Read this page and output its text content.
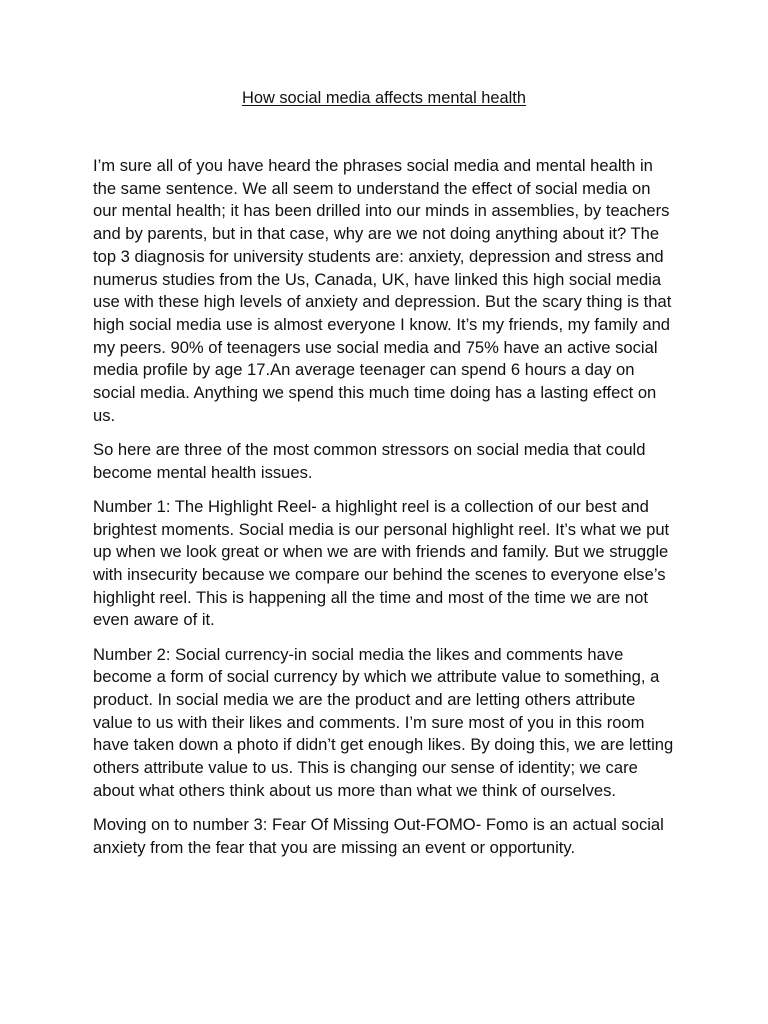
How social media affects mental health

I’m sure all of you have heard the phrases social media and mental health in the same sentence. We all seem to understand the effect of social media on our mental health; it has been drilled into our minds in assemblies, by teachers and by parents, but in that case, why are we not doing anything about it? The top 3 diagnosis for university students are: anxiety, depression and stress and numerus studies from the Us, Canada, UK, have linked this high social media use with these high levels of anxiety and depression. But the scary thing is that high social media use is almost everyone I know. It’s my friends, my family and my peers. 90% of teenagers use social media and 75% have an active social media profile by age 17.An average teenager can spend 6 hours a day on social media. Anything we spend this much time doing has a lasting effect on us.

So here are three of the most common stressors on social media that could become mental health issues.

Number 1: The Highlight Reel- a highlight reel is a collection of our best and brightest moments. Social media is our personal highlight reel. It’s what we put up when we look great or when we are with friends and family. But we struggle with insecurity because we compare our behind the scenes to everyone else’s highlight reel. This is happening all the time and most of the time we are not even aware of it.

Number 2: Social currency-in social media the likes and comments have become a form of social currency by which we attribute value to something, a product. In social media we are the product and are letting others attribute value to us with their likes and comments. I’m sure most of you in this room have taken down a photo if didn’t get enough likes. By doing this, we are letting others attribute value to us. This is changing our sense of identity; we care about what others think about us more than what we think of ourselves.

Moving on to number 3: Fear Of Missing Out-FOMO- Fomo is an actual social anxiety from the fear that you are missing an event or opportunity.
